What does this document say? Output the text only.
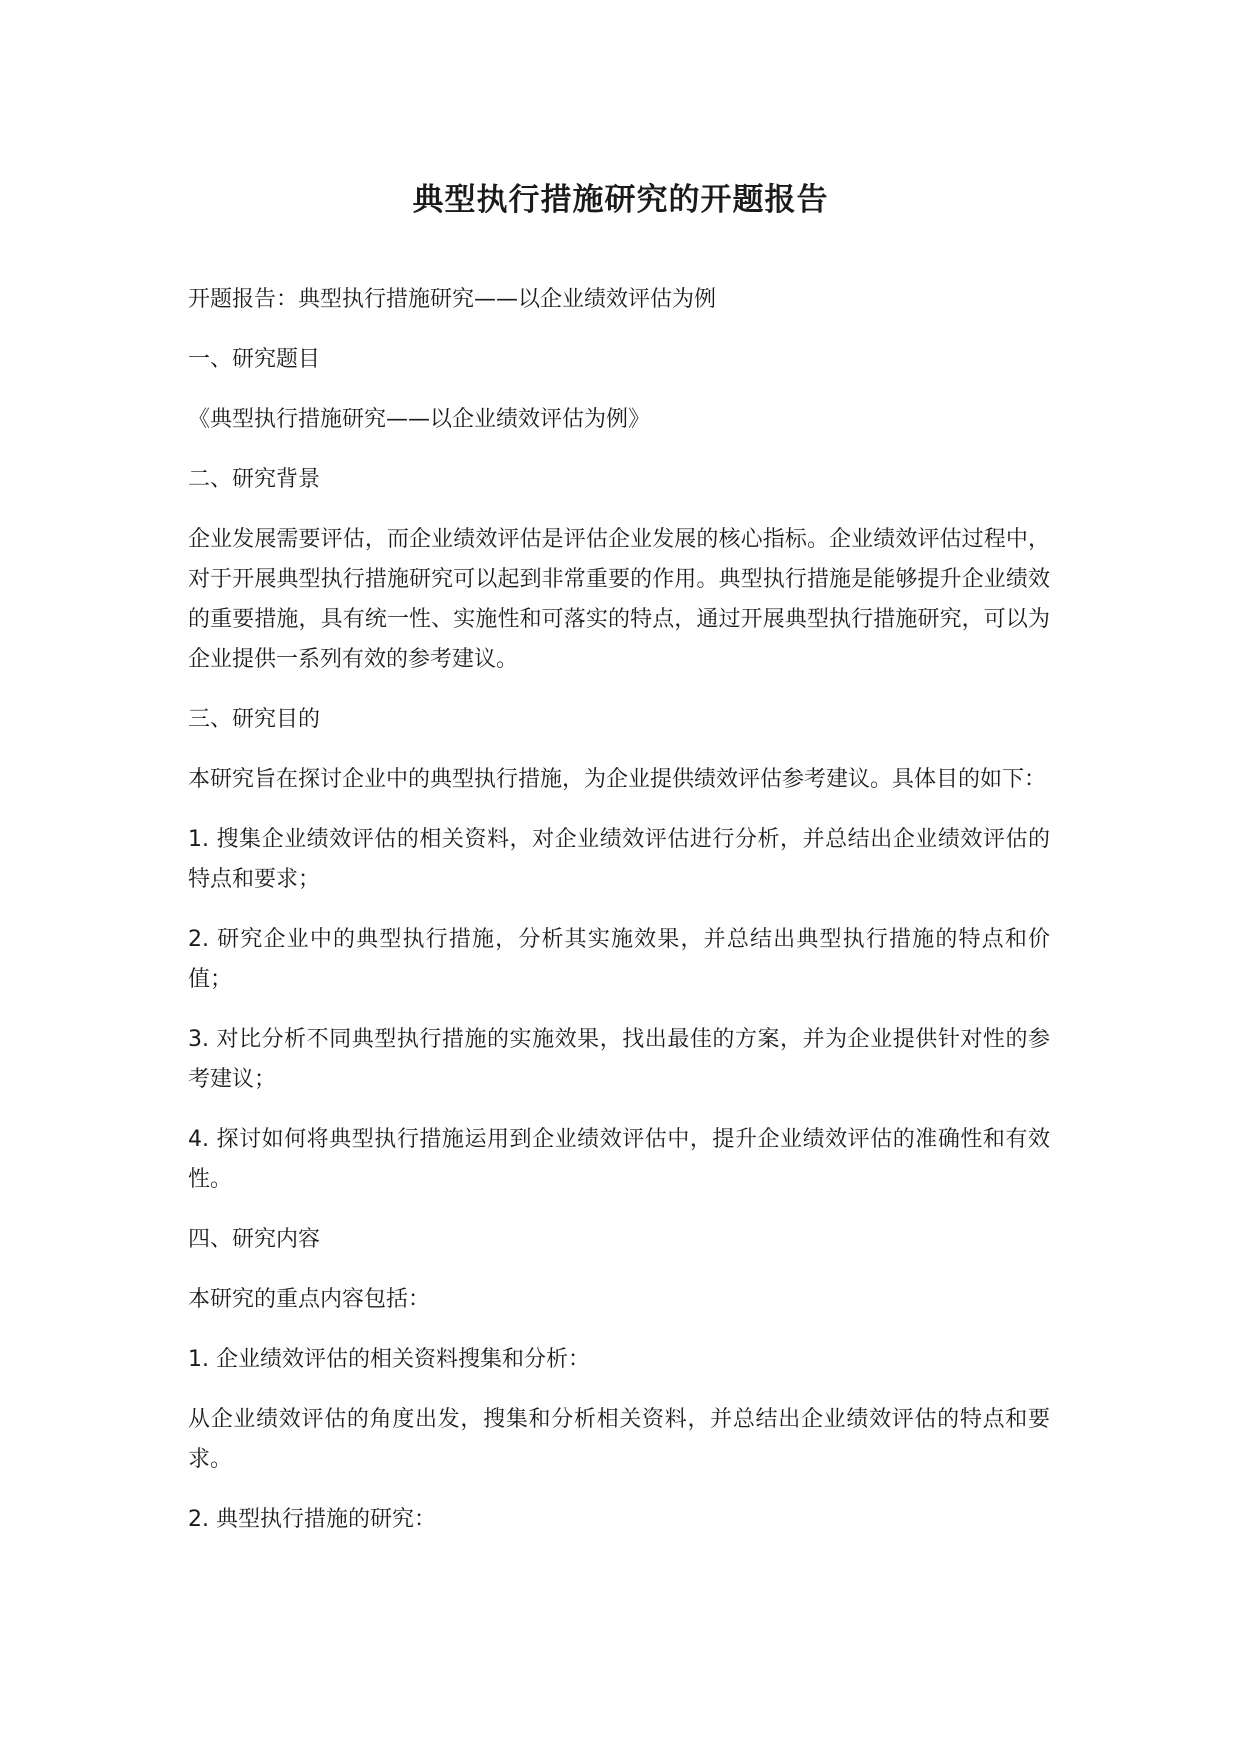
典型执行措施研究的开题报告

开题报告：典型执行措施研究——以企业绩效评估为例

一、研究题目

《典型执行措施研究——以企业绩效评估为例》

二、研究背景

企业发展需要评估，而企业绩效评估是评估企业发展的核心指标。企业绩效评估过程中，对于开展典型执行措施研究可以起到非常重要的作用。典型执行措施是能够提升企业绩效的重要措施，具有统一性、实施性和可落实的特点，通过开展典型执行措施研究，可以为企业提供一系列有效的参考建议。

三、研究目的

本研究旨在探讨企业中的典型执行措施，为企业提供绩效评估参考建议。具体目的如下：

1. 搜集企业绩效评估的相关资料，对企业绩效评估进行分析，并总结出企业绩效评估的特点和要求；

2. 研究企业中的典型执行措施，分析其实施效果，并总结出典型执行措施的特点和价值；

3. 对比分析不同典型执行措施的实施效果，找出最佳的方案，并为企业提供针对性的参考建议；

4. 探讨如何将典型执行措施运用到企业绩效评估中，提升企业绩效评估的准确性和有效性。

四、研究内容

本研究的重点内容包括：

1. 企业绩效评估的相关资料搜集和分析：

从企业绩效评估的角度出发，搜集和分析相关资料，并总结出企业绩效评估的特点和要求。

2. 典型执行措施的研究：
